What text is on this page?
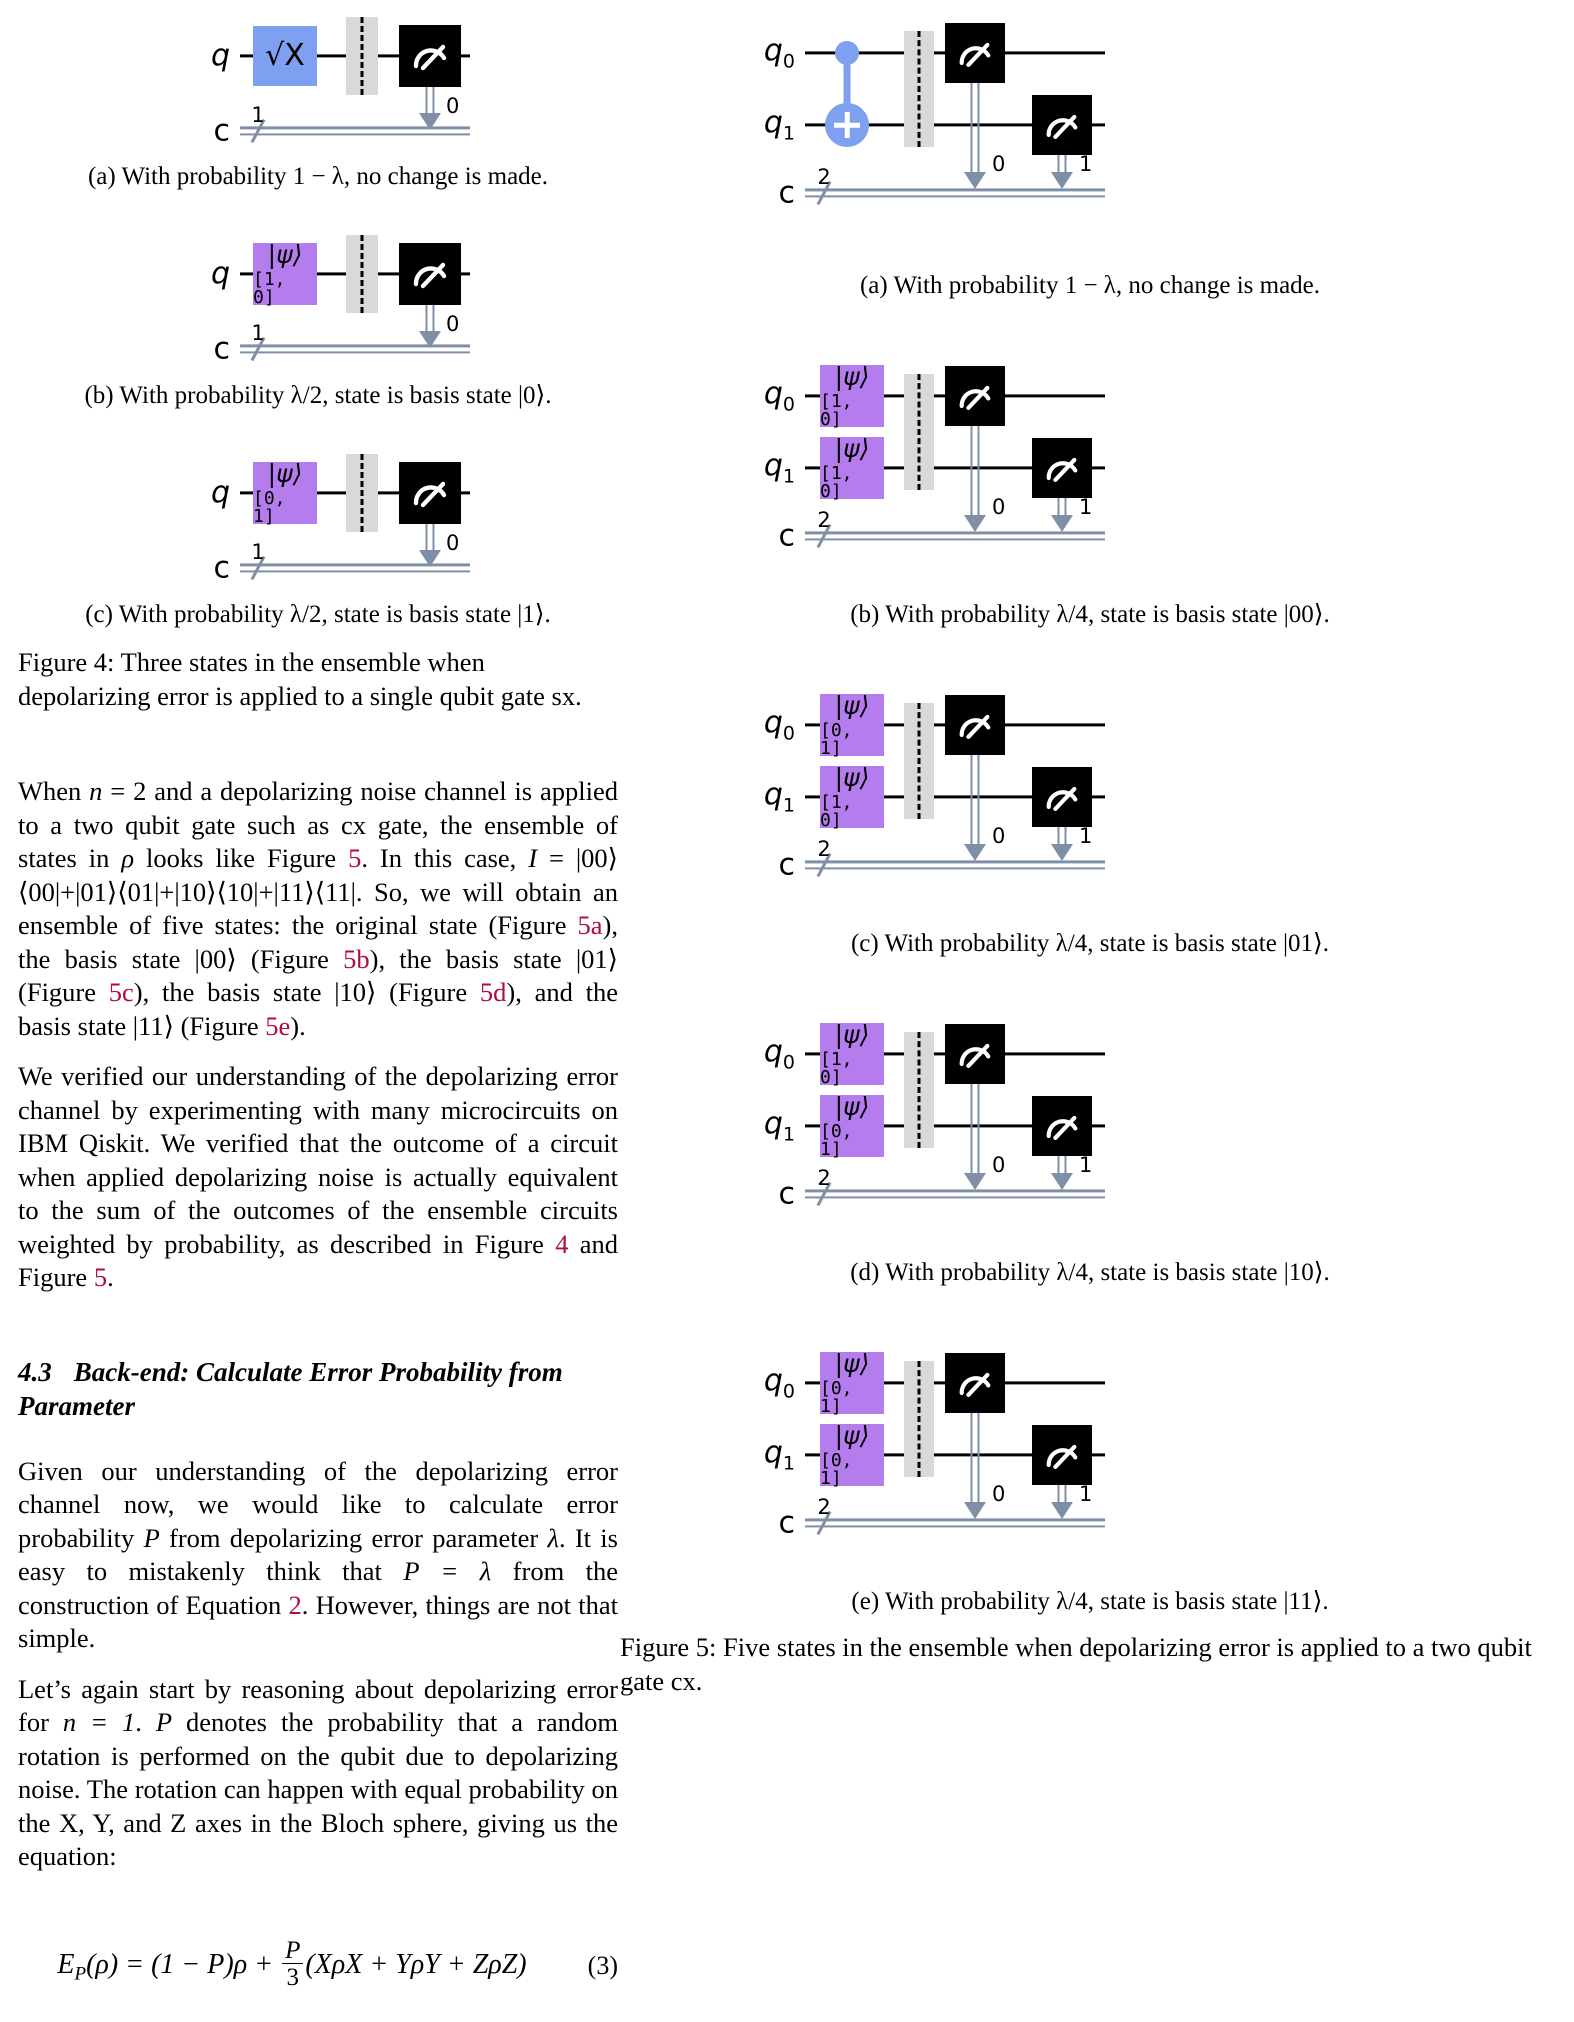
q √X
0
c 1

(a) With probability 1 − λ, no change is made.

q
|ψ⟩
[1, 0]
0
c 1

(b) With probability λ/2, state is basis state |0⟩.

q
|ψ⟩
[0, 1]
0
c 1

(c) With probability λ/2, state is basis state |1⟩.

Figure 4: Three states in the ensemble when depolarizing error is applied to a single qubit gate sx.

When n = 2 and a depolarizing noise channel is applied to a two qubit gate such as cx gate, the ensemble of states in ρ looks like Figure 5. In this case, I = |00⟩⟨00|+|01⟩⟨01|+|10⟩⟨10|+|11⟩⟨11|. So, we will obtain an ensemble of five states: the original state (Figure 5a), the basis state |00⟩ (Figure 5b), the basis state |01⟩ (Figure 5c), the basis state |10⟩ (Figure 5d), and the basis state |11⟩ (Figure 5e).

We verified our understanding of the depolarizing error channel by experimenting with many microcircuits on IBM Qiskit. We verified that the outcome of a circuit when applied depolarizing noise is actually equivalent to the sum of the outcomes of the ensemble circuits weighted by probability, as described in Figure 4 and Figure 5.

4.3 Back-end: Calculate Error Probability from Parameter

Given our understanding of the depolarizing error channel now, we would like to calculate error probability P from depolarizing error parameter λ. It is easy to mistakenly think that P = λ from the construction of Equation 2. However, things are not that simple.

Let’s again start by reasoning about depolarizing error for n = 1. P denotes the probability that a random rotation is performed on the qubit due to depolarizing noise. The rotation can happen with equal probability on the X, Y, and Z axes in the Bloch sphere, giving us the equation:

$E_P(\rho) = (1 - P)\rho + \frac{P}{3} (X\rho X + Y\rho Y + Z\rho Z)$	(3)
$q_0$
$q_1$
0	1
c 2

(a) With probability 1 − λ, no change is made.

$q_0$
$q_1$
|ψ⟩
[1, 0]
|ψ⟩
[1, 0]
0	1
c 2

(b) With probability λ/4, state is basis state |00⟩.

$q_0$
$q_1$
|ψ⟩
[0, 1]
|ψ⟩
[1, 0]
0	1
c 2

(c) With probability λ/4, state is basis state |01⟩.

$q_0$
$q_1$
|ψ⟩
[1, 0]
|ψ⟩
[0, 1]
0	1
c 2

(d) With probability λ/4, state is basis state |10⟩.

$q_0$
$q_1$
|ψ⟩
[0, 1]
|ψ⟩
[0, 1]
0	1
c 2

(e) With probability λ/4, state is basis state |11⟩.

Figure 5: Five states in the ensemble when depolarizing error is applied to a two qubit gate cx.
